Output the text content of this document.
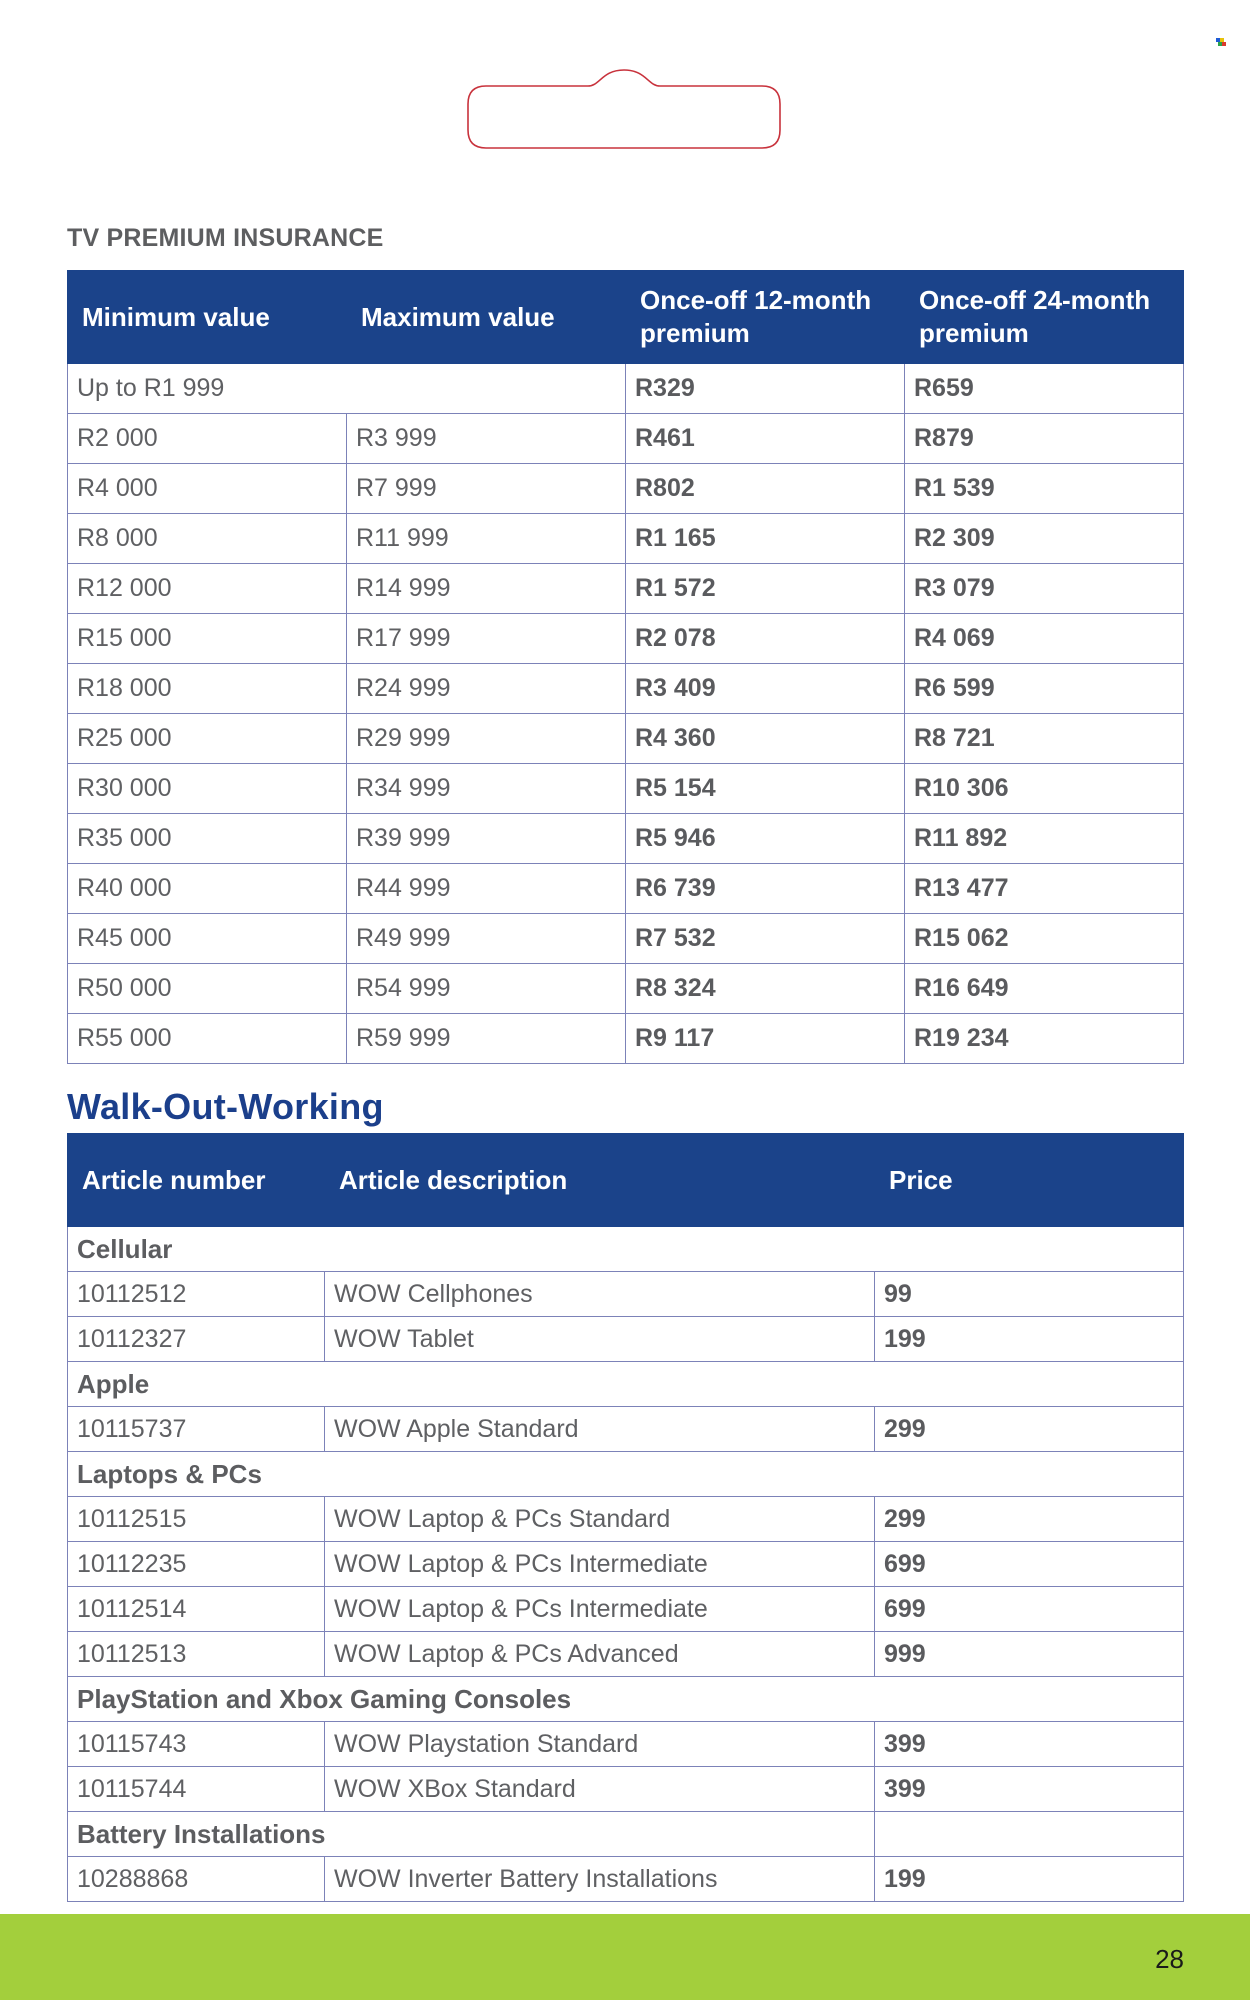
TV PREMIUM INSURANCE
Minimum value	Maximum value	Once-off 12-month premium	Once-off 24-month premium
Up to R1 999		R329	R659
R2 000	R3 999	R461	R879
R4 000	R7 999	R802	R1 539
R8 000	R11 999	R1 165	R2 309
R12 000	R14 999	R1 572	R3 079
R15 000	R17 999	R2 078	R4 069
R18 000	R24 999	R3 409	R6 599
R25 000	R29 999	R4 360	R8 721
R30 000	R34 999	R5 154	R10 306
R35 000	R39 999	R5 946	R11 892
R40 000	R44 999	R6 739	R13 477
R45 000	R49 999	R7 532	R15 062
R50 000	R54 999	R8 324	R16 649
R55 000	R59 999	R9 117	R19 234
Walk-Out-Working
Article number	Article description	Price
Cellular		
10112512	WOW Cellphones	99
10112327	WOW Tablet	199
Apple		
10115737	WOW Apple Standard	299
Laptops & PCs		
10112515	WOW Laptop & PCs Standard	299
10112235	WOW Laptop & PCs Intermediate	699
10112514	WOW Laptop & PCs Intermediate	699
10112513	WOW Laptop & PCs Advanced	999
PlayStation and Xbox Gaming Consoles		
10115743	WOW Playstation Standard	399
10115744	WOW XBox Standard	399
Battery Installations		
10288868	WOW Inverter Battery Installations	199
28
